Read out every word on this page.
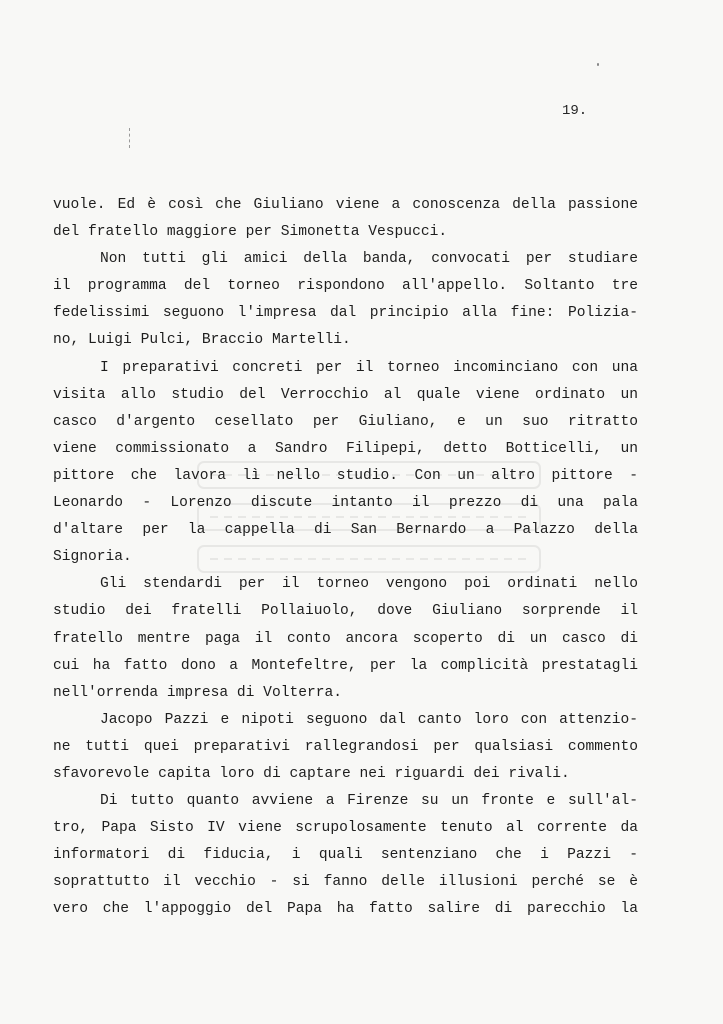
19.
vuole. Ed è così che Giuliano viene a conoscenza della passione
del fratello maggiore per Simonetta Vespucci.
Non tutti gli amici della banda, convocati per studiare
il programma del torneo rispondono all'appello. Soltanto tre
fedelissimi seguono l'impresa dal principio alla fine: Polizia-
no, Luigi Pulci, Braccio Martelli.
I preparativi concreti per il torneo incominciano con una
visita allo studio del Verrocchio al quale viene ordinato un
casco d'argento cesellato per Giuliano, e un suo ritratto
viene commissionato a Sandro Filipepi, detto Botticelli, un
pittore che lavora lì nello studio. Con un altro pittore -
Leonardo - Lorenzo discute intanto il prezzo di una pala
d'altare per la cappella di San Bernardo a Palazzo della
Signoria.
Gli stendardi per il torneo vengono poi ordinati nello
studio dei fratelli Pollaiuolo, dove Giuliano sorprende il
fratello mentre paga il conto ancora scoperto di un casco di
cui ha fatto dono a Montefeltre, per la complicità prestatagli
nell'orrenda impresa di Volterra.
Jacopo Pazzi e nipoti seguono dal canto loro con attenzio-
ne tutti quei preparativi rallegrandosi per qualsiasi commento
sfavorevole capita loro di captare nei riguardi dei rivali.
Di tutto quanto avviene a Firenze su un fronte e sull'al-
tro, Papa Sisto IV viene scrupolosamente tenuto al corrente da
informatori di fiducia, i quali sentenziano che i Pazzi -
soprattutto il vecchio - si fanno delle illusioni perché se è
vero che l'appoggio del Papa ha fatto salire di parecchio la
